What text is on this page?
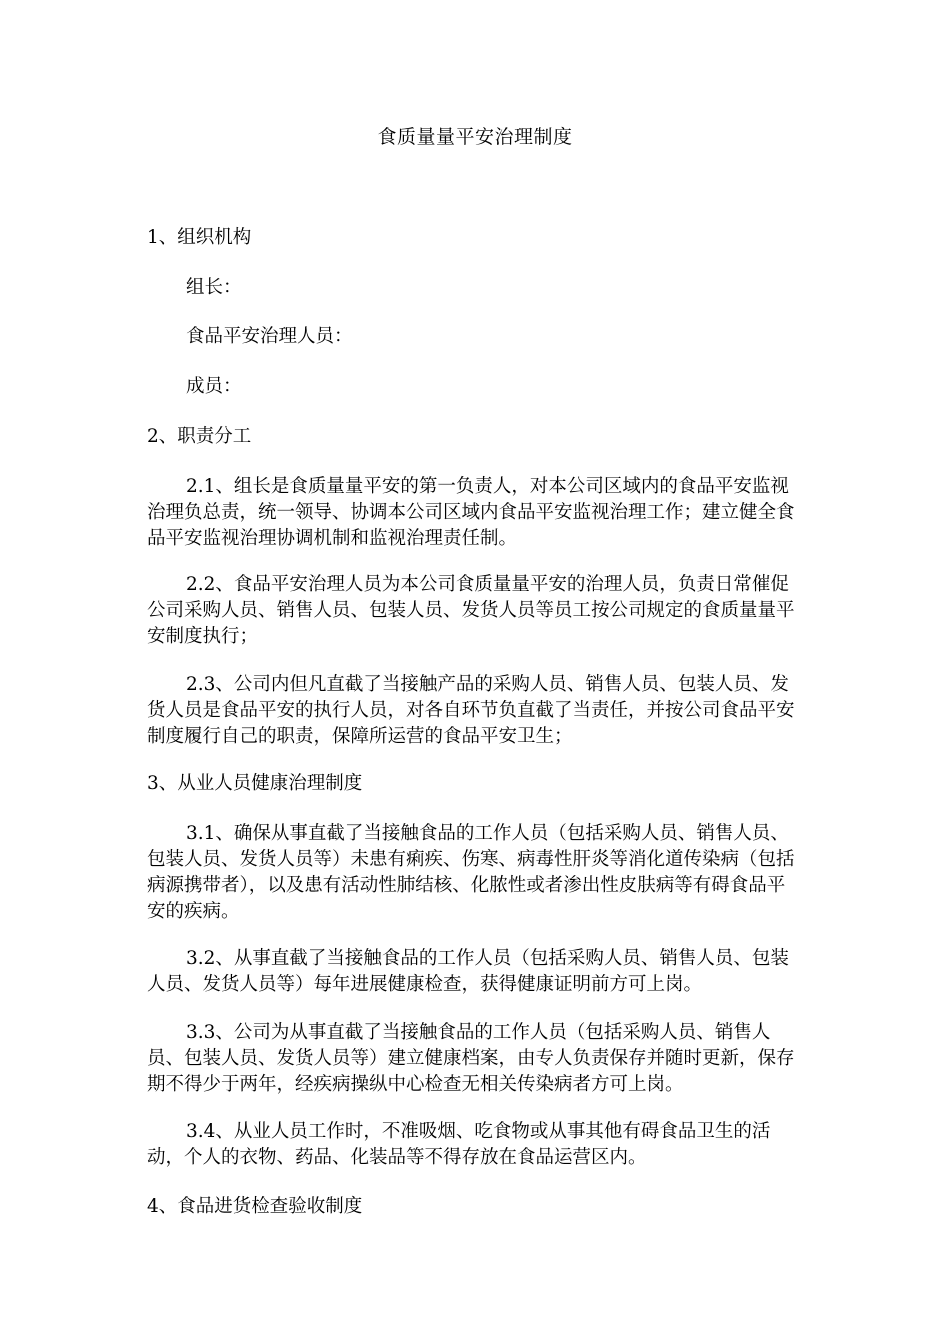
食质量量平安治理制度

1、组织机构

组长：

食品平安治理人员：

成员：

2、职责分工

2.1、组长是食质量量平安的第一负责人，对本公司区域内的食品平安监视治理负总责，统一领导、协调本公司区域内食品平安监视治理工作；建立健全食品平安监视治理协调机制和监视治理责任制。

2.2、食品平安治理人员为本公司食质量量平安的治理人员，负责日常催促公司采购人员、销售人员、包装人员、发货人员等员工按公司规定的食质量量平安制度执行；

2.3、公司内但凡直截了当接触产品的采购人员、销售人员、包装人员、发货人员是食品平安的执行人员，对各自环节负直截了当责任，并按公司食品平安制度履行自己的职责，保障所运营的食品平安卫生；

3、从业人员健康治理制度

3.1、确保从事直截了当接触食品的工作人员（包括采购人员、销售人员、包装人员、发货人员等）未患有痢疾、伤寒、病毒性肝炎等消化道传染病（包括病源携带者），以及患有活动性肺结核、化脓性或者渗出性皮肤病等有碍食品平安的疾病。

3.2、从事直截了当接触食品的工作人员（包括采购人员、销售人员、包装人员、发货人员等）每年进展健康检查，获得健康证明前方可上岗。

3.3、公司为从事直截了当接触食品的工作人员（包括采购人员、销售人员、包装人员、发货人员等）建立健康档案，由专人负责保存并随时更新，保存期不得少于两年，经疾病操纵中心检查无相关传染病者方可上岗。

3.4、从业人员工作时，不准吸烟、吃食物或从事其他有碍食品卫生的活动，个人的衣物、药品、化装品等不得存放在食品运营区内。

4、食品进货检查验收制度
